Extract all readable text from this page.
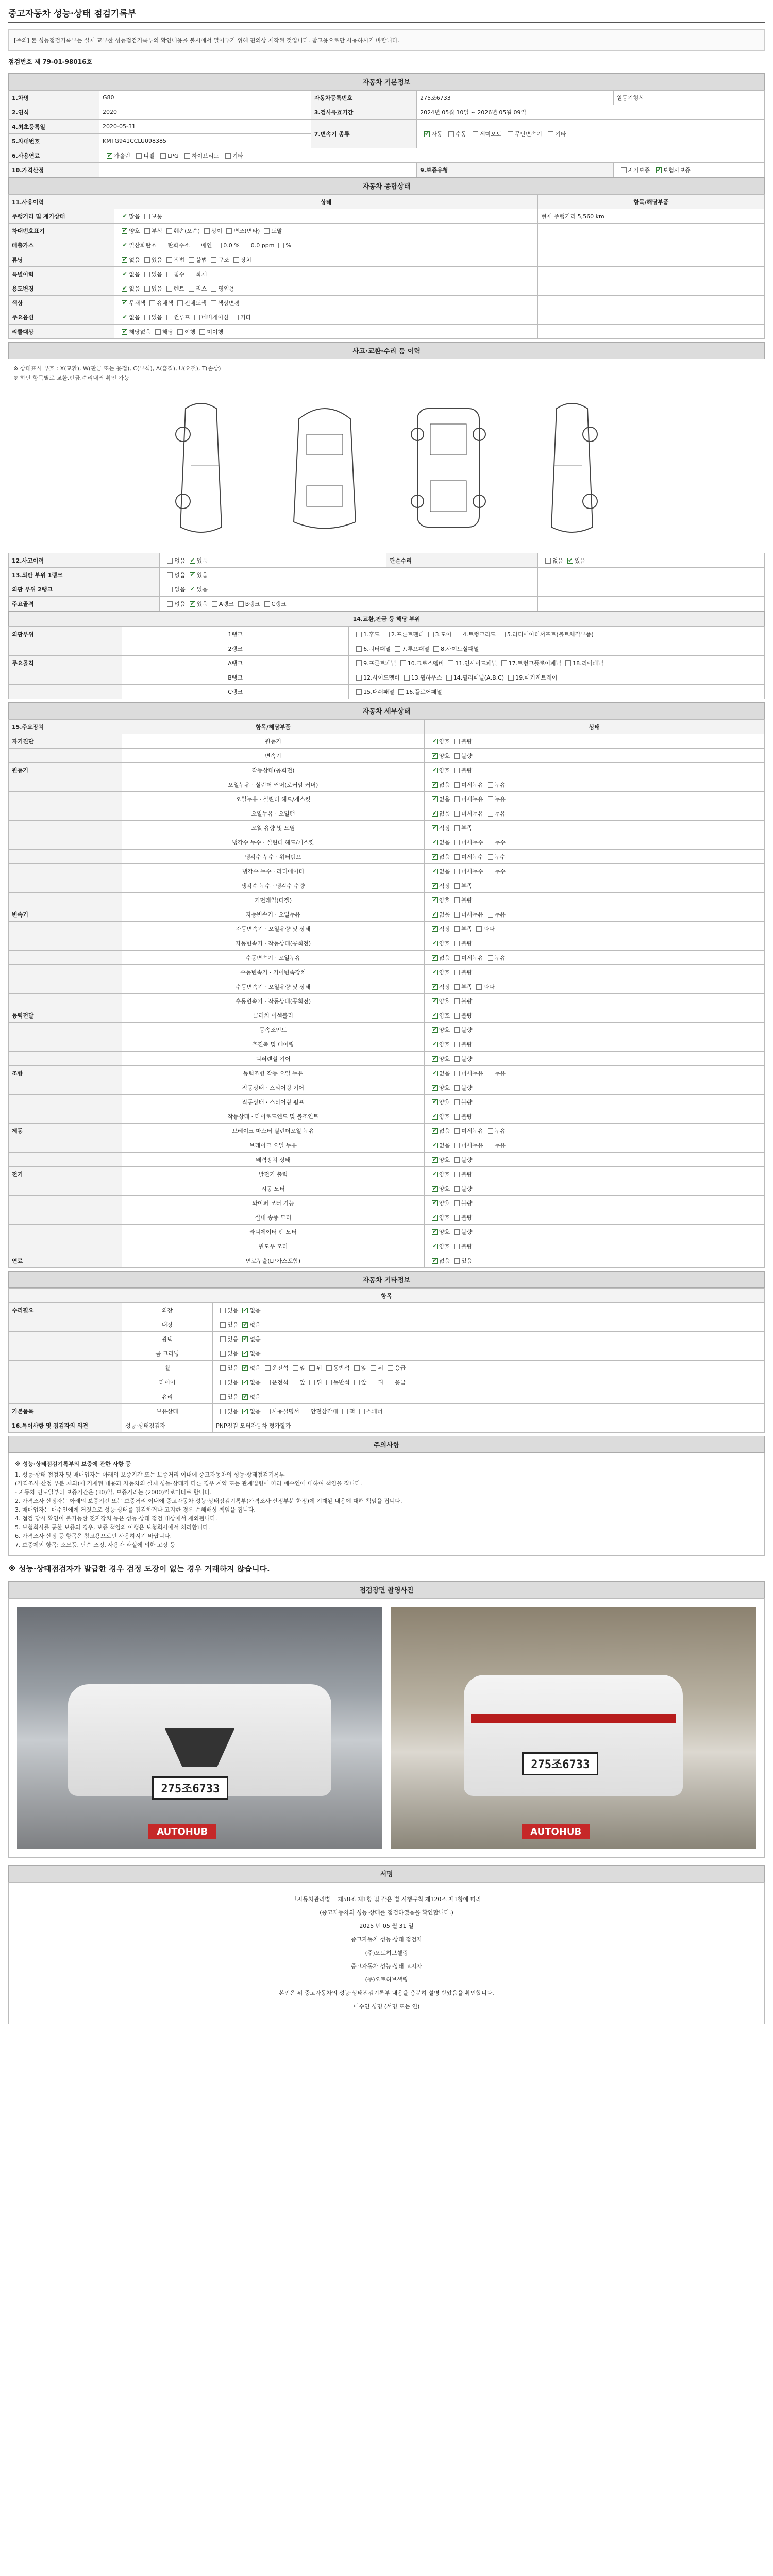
중고자동차 성능·상태 점검기록부
[주의] 본 성능점검기록부는 실제 교부한 성능점검기록부의 확인내용을 불시에서 열어두기 위해 편의상 제작된 것입니다. 참고용으로만 사용하시기 바랍니다.
점검번호 제 79-01-98016호
자동차 기본정보
1.차명	G80	자동차등록번호	275조6733	원동기형식
2.연식	2020	3.검사유효기간	2024년 05월 10일 ~ 2026년 05월 09일	
4.최초등록일	2020-05-31	7.변속기 종류	✔자동 수동 세미오토 무단변속기 기타
5.차대번호	KMTG941CCLU098385			
6.사용연료	✔가솔린 디젤 LPG 하이브리드 기타
10.가격산정			9.보증유형	자가보증 ✔ 보험사보증
자동차 종합상태
11.사용이력	상태	항목/해당부품
주행거리 및 계기상태	✔많음 보통	현재 주행거리 5,560 km
차대번호표기	✔양호 부식 훼손(오손) 상이 변조(변타) 도말	
배출가스	✔일산화탄소 탄화수소 매연 0.0 % 0.0 ppm %	
튜닝	✔없음 있음 적법 불법 구조 장치	
특별이력	✔없음 있음 침수 화재	
용도변경	✔없음 있음 렌트 리스 영업용	
색상	✔무채색 유채색 전체도색 색상변경	
주요옵션	✔없음 있음 썬루프 네비게이션 기타	
리콜대상	✔해당없음 해당 이행 미이행	
사고·교환·수리 등 이력
※ 상태표시 부호 : X(교환), W(판금 또는 용접), C(부식), A(흠집), U(요철), T(손상)
※ 하단 항목별로 교환,판금,수리내역 확인 가능
12.사고이력	없음 ✔ 있음	단순수리	없음 ✔ 있음
13.외판 부위 1랭크	없음 ✔ 있음		
외판 부위 2랭크	없음 ✔ 있음		
주요골격	없음 ✔ 있음 A랭크 B랭크 C랭크		
14.교환,판금 등 해당 부위
외판부위	1랭크	1.후드 2.프론트펜더 3.도어 4.트렁크리드 5.라디에이터서포트(볼트체결부품)
	2랭크	6.쿼터패널 7.루프패널 8.사이드실패널
주요골격	A랭크	9.프론트패널 10.크로스멤버 11.인사이드패널 17.트렁크플로어패널 18.리어패널
	B랭크	12.사이드멤버 13.휠하우스 14.필러패널(A,B,C) 19.패키지트레이
	C랭크	15.대쉬패널 16.플로어패널
자동차 세부상태
15.주요장치	항목/해당부품	상태
자기진단	원동기	✔양호 불량
	변속기	✔양호 불량
원동기	작동상태(공회전)	✔양호 불량
	오일누유 · 실린더 커버(로커암 커버)	✔없음 미세누유 누유
	오일누유 · 실린더 헤드/개스킷	✔없음 미세누유 누유
	오일누유 · 오일팬	✔없음 미세누유 누유
	오일 유량 및 오염	✔적정 부족
	냉각수 누수 · 실린더 헤드/개스킷	✔없음 미세누수 누수
	냉각수 누수 · 워터펌프	✔없음 미세누수 누수
	냉각수 누수 · 라디에이터	✔없음 미세누수 누수
	냉각수 누수 · 냉각수 수량	✔적정 부족
	커먼레일(디젤)	✔양호 불량
변속기	자동변속기 · 오일누유	✔없음 미세누유 누유
	자동변속기 · 오일유량 및 상태	✔적정 부족 과다
	자동변속기 · 작동상태(공회전)	✔양호 불량
	수동변속기 · 오일누유	✔없음 미세누유 누유
	수동변속기 · 기어변속장치	✔양호 불량
	수동변속기 · 오일유량 및 상태	✔적정 부족 과다
	수동변속기 · 작동상태(공회전)	✔양호 불량
동력전달	클러치 어셈블리	✔양호 불량
	등속조인트	✔양호 불량
	추진축 및 베어링	✔양호 불량
	디퍼렌셜 기어	✔양호 불량
조향	동력조향 작동 오일 누유	✔없음 미세누유 누유
	작동상태 · 스티어링 기어	✔양호 불량
	작동상태 · 스티어링 펌프	✔양호 불량
	작동상태 · 타이로드엔드 및 볼조인트	✔양호 불량
제동	브레이크 마스터 실린더오일 누유	✔없음 미세누유 누유
	브레이크 오일 누유	✔없음 미세누유 누유
	배력장치 상태	✔양호 불량
전기	발전기 출력	✔양호 불량
	시동 모터	✔양호 불량
	와이퍼 모터 기능	✔양호 불량
	실내 송풍 모터	✔양호 불량
	라디에이터 팬 모터	✔양호 불량
	윈도우 모터	✔양호 불량
연료	연료누출(LP가스포함)	✔없음 있음
자동차 기타정보
항목		
수리필요	외장	있음 ✔ 없음
	내장	있음 ✔ 없음
	광택	있음 ✔ 없음
	룸 크리닝	있음 ✔ 없음
	휠	있음 ✔ 없음 운전석 앞 뒤 동반석 앞 뒤 응급
	타이어	있음 ✔ 없음 운전석 앞 뒤 동반석 앞 뒤 응급
	유리	있음 ✔ 없음
기본품목	보유상태	있음 ✔ 없음 사용설명서 안전삼각대 잭 스패너
16.특이사항 및 점검자의 의견	성능·상태점검자	PNP점검 모터자동차 평가할가
주의사항
※ 성능·상태점검기록부의 보증에 관한 사항 등
1. 성능·상태 점검자 및 매매업자는 아래의 보증기간 또는 보증거리 이내에 중고자동차의 성능·상태점검기록부
(가격조사·산정 부분 제외)에 기재된 내용과 자동차의 실제 성능·상태가 다른 경우 계약 또는 관계법령에 따라 매수인에 대하여 책임을 집니다.
- 자동차 인도일부터 보증기간은 (30)일, 보증거리는 (2000)킬로미터로 합니다.
2. 가격조사·산정자는 아래의 보증기간 또는 보증거리 이내에 중고자동차 성능·상태점검기록부(가격조사·산정부분 한정)에 기재된 내용에 대해 책임을 집니다.
3. 매매업자는 매수인에게 거짓으로 성능·상태를 점검하거나 고지한 경우 손해배상 책임을 집니다.
4. 점검 당시 확인이 불가능한 전자장치 등은 성능·상태 점검 대상에서 제외됩니다.
5. 보험회사를 통한 보증의 경우, 보증 책임의 이행은 보험회사에서 처리합니다.
6. 가격조사·산정 등 항목은 참고용으로만 사용하시기 바랍니다.
7. 보증제외 항목: 소모품, 단순 조정, 사용자 과실에 의한 고장 등
※ 성능·상태점검자가 발급한 경우 검정 도장이 없는 경우 거래하지 않습니다.
점검장면 촬영사진
275조6733
AUTOHUB
275조6733
AUTOHUB
서명
「자동차관리법」 제58조 제1항 및 같은 법 시행규칙 제120조 제1항에 따라
(중고자동차의 성능·상태를 점검하였음을 확인합니다.)
2025 년 05 월 31 일
중고자동차 성능·상태 점검자
(주)오토허브셀링
중고자동차 성능·상태 고지자
(주)오토허브셀링
본인은 위 중고자동차의 성능·상태점검기록부 내용을 충분히 설명 받았음을 확인합니다.
매수인 성명 (서명 또는 인)
